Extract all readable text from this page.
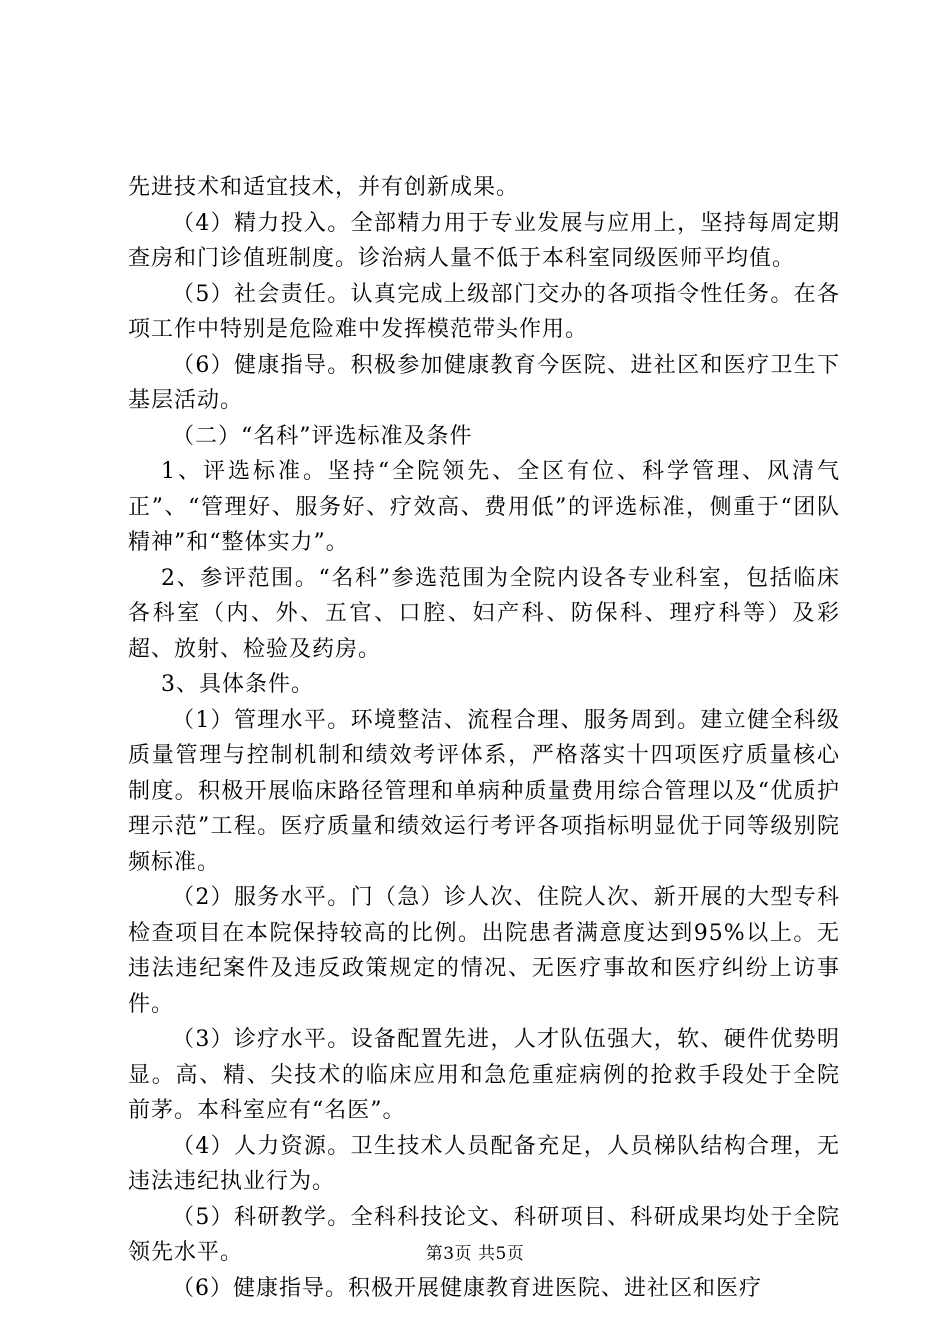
先进技术和适宜技术，并有创新成果。

（4）精力投入。全部精力用于专业发展与应用上，坚持每周定期查房和门诊值班制度。诊治病人量不低于本科室同级医师平均值。

（5）社会责任。认真完成上级部门交办的各项指令性任务。在各项工作中特别是危险难中发挥模范带头作用。

（6）健康指导。积极参加健康教育今医院、进社区和医疗卫生下基层活动。

（二）“名科”评选标准及条件

1、评选标准。坚持“全院领先、全区有位、科学管理、风清气正”、“管理好、服务好、疗效高、费用低”的评选标准，侧重于“团队精神”和“整体实力”。

2、参评范围。“名科”参选范围为全院内设各专业科室，包括临床各科室（内、外、五官、口腔、妇产科、防保科、理疗科等）及彩超、放射、检验及药房。

3、具体条件。

（1）管理水平。环境整洁、流程合理、服务周到。建立健全科级质量管理与控制机制和绩效考评体系，严格落实十四项医疗质量核心制度。积极开展临床路径管理和单病种质量费用综合管理以及“优质护理示范”工程。医疗质量和绩效运行考评各项指标明显优于同等级别院频标准。

（2）服务水平。门（急）诊人次、住院人次、新开展的大型专科检查项目在本院保持较高的比例。出院患者满意度达到95%以上。无违法违纪案件及违反政策规定的情况、无医疗事故和医疗纠纷上访事件。

（3）诊疗水平。设备配置先进，人才队伍强大，软、硬件优势明显。高、精、尖技术的临床应用和急危重症病例的抢救手段处于全院前茅。本科室应有“名医”。

（4）人力资源。卫生技术人员配备充足，人员梯队结构合理，无违法违纪执业行为。

（5）科研教学。全科科技论文、科研项目、科研成果均处于全院领先水平。

（6）健康指导。积极开展健康教育进医院、进社区和医疗

第3页 共5页
